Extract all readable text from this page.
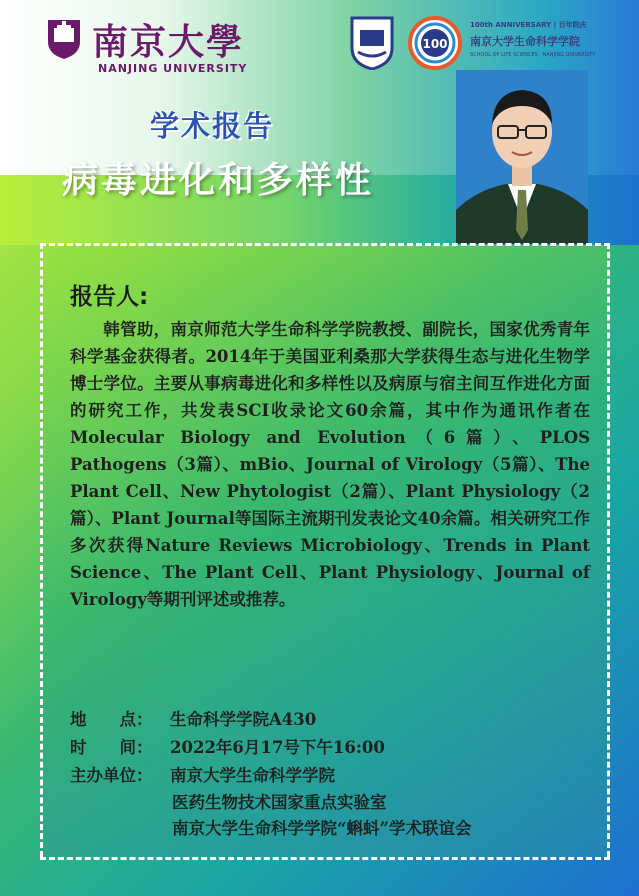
南京大學
NANJING UNIVERSITY
100
100th ANNIVERSARY | 百年院庆
南京大学生命科学学院
SCHOOL OF LIFE SCIENCES · NANJING UNIVERSITY
学术报告
病毒进化和多样性
报告人:
韩管助，南京师范大学生命科学学院教授、副院长，国家优秀青年科学基金获得者。2014年于美国亚利桑那大学获得生态与进化生物学博士学位。主要从事病毒进化和多样性以及病原与宿主间互作进化方面的研究工作，共发表SCI收录论文60余篇，其中作为通讯作者在Molecular Biology and Evolution（6篇）、PLOS Pathogens（3篇）、mBio、Journal of Virology（5篇）、The Plant Cell、New Phytologist（2篇）、Plant Physiology（2篇）、Plant Journal等国际主流期刊发表论文40余篇。相关研究工作多次获得Nature Reviews Microbiology、Trends in Plant Science、The Plant Cell、Plant Physiology、Journal of Virology等期刊评述或推荐。
地　　点： 生命科学学院A430
时　　间： 2022年6月17号下午16:00
主办单位： 南京大学生命科学学院
医药生物技术国家重点实验室
南京大学生命科学学院“蝌蚪”学术联谊会
